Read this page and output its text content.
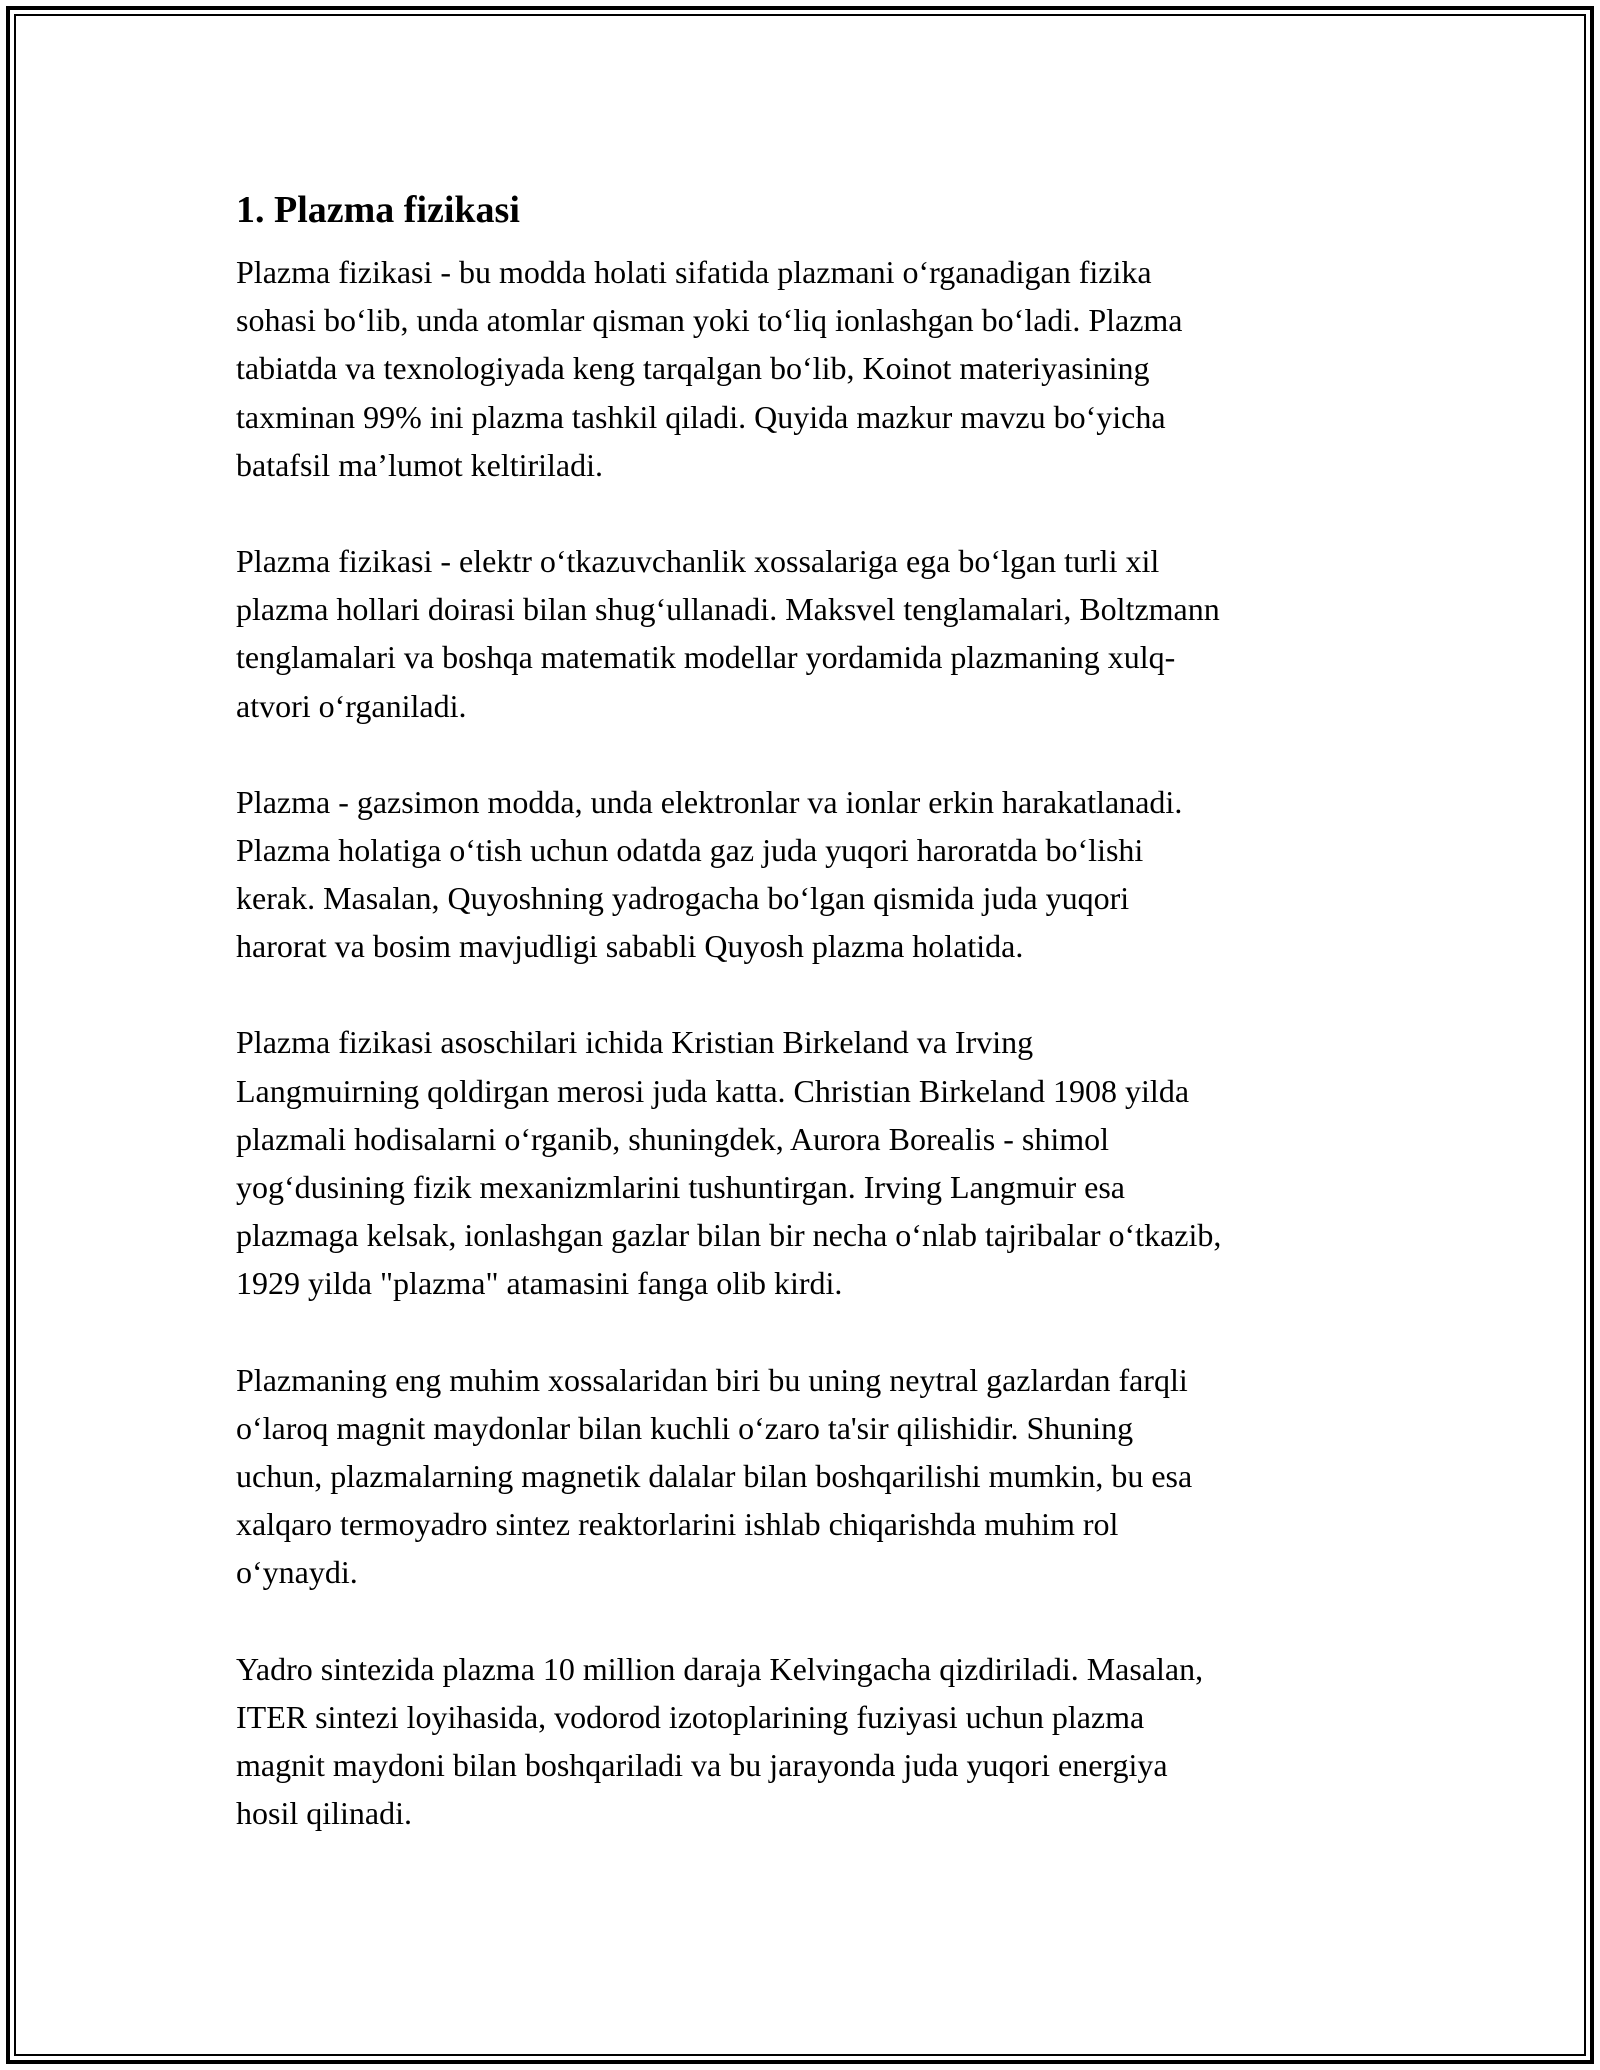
1. Plazma fizikasi

Plazma fizikasi - bu modda holati sifatida plazmani o‘rganadigan fizika
sohasi bo‘lib, unda atomlar qisman yoki to‘liq ionlashgan bo‘ladi. Plazma
tabiatda va texnologiyada keng tarqalgan bo‘lib, Koinot materiyasining
taxminan 99% ini plazma tashkil qiladi. Quyida mazkur mavzu bo‘yicha
batafsil ma’lumot keltiriladi.

Plazma fizikasi - elektr o‘tkazuvchanlik xossalariga ega bo‘lgan turli xil
plazma hollari doirasi bilan shug‘ullanadi. Maksvel tenglamalari, Boltzmann
tenglamalari va boshqa matematik modellar yordamida plazmaning xulq-
atvori o‘rganiladi.

Plazma - gazsimon modda, unda elektronlar va ionlar erkin harakatlanadi.
Plazma holatiga o‘tish uchun odatda gaz juda yuqori haroratda bo‘lishi
kerak. Masalan, Quyoshning yadrogacha bo‘lgan qismida juda yuqori
harorat va bosim mavjudligi sababli Quyosh plazma holatida.

Plazma fizikasi asoschilari ichida Kristian Birkeland va Irving
Langmuirning qoldirgan merosi juda katta. Christian Birkeland 1908 yilda
plazmali hodisalarni o‘rganib, shuningdek, Aurora Borealis - shimol
yog‘dusining fizik mexanizmlarini tushuntirgan. Irving Langmuir esa
plazmaga kelsak, ionlashgan gazlar bilan bir necha o‘nlab tajribalar o‘tkazib,
1929 yilda "plazma" atamasini fanga olib kirdi.

Plazmaning eng muhim xossalaridan biri bu uning neytral gazlardan farqli
o‘laroq magnit maydonlar bilan kuchli o‘zaro ta'sir qilishidir. Shuning
uchun, plazmalarning magnetik dalalar bilan boshqarilishi mumkin, bu esa
xalqaro termoyadro sintez reaktorlarini ishlab chiqarishda muhim rol
o‘ynaydi.

Yadro sintezida plazma 10 million daraja Kelvingacha qizdiriladi. Masalan,
ITER sintezi loyihasida, vodorod izotoplarining fuziyasi uchun plazma
magnit maydoni bilan boshqariladi va bu jarayonda juda yuqori energiya
hosil qilinadi.
